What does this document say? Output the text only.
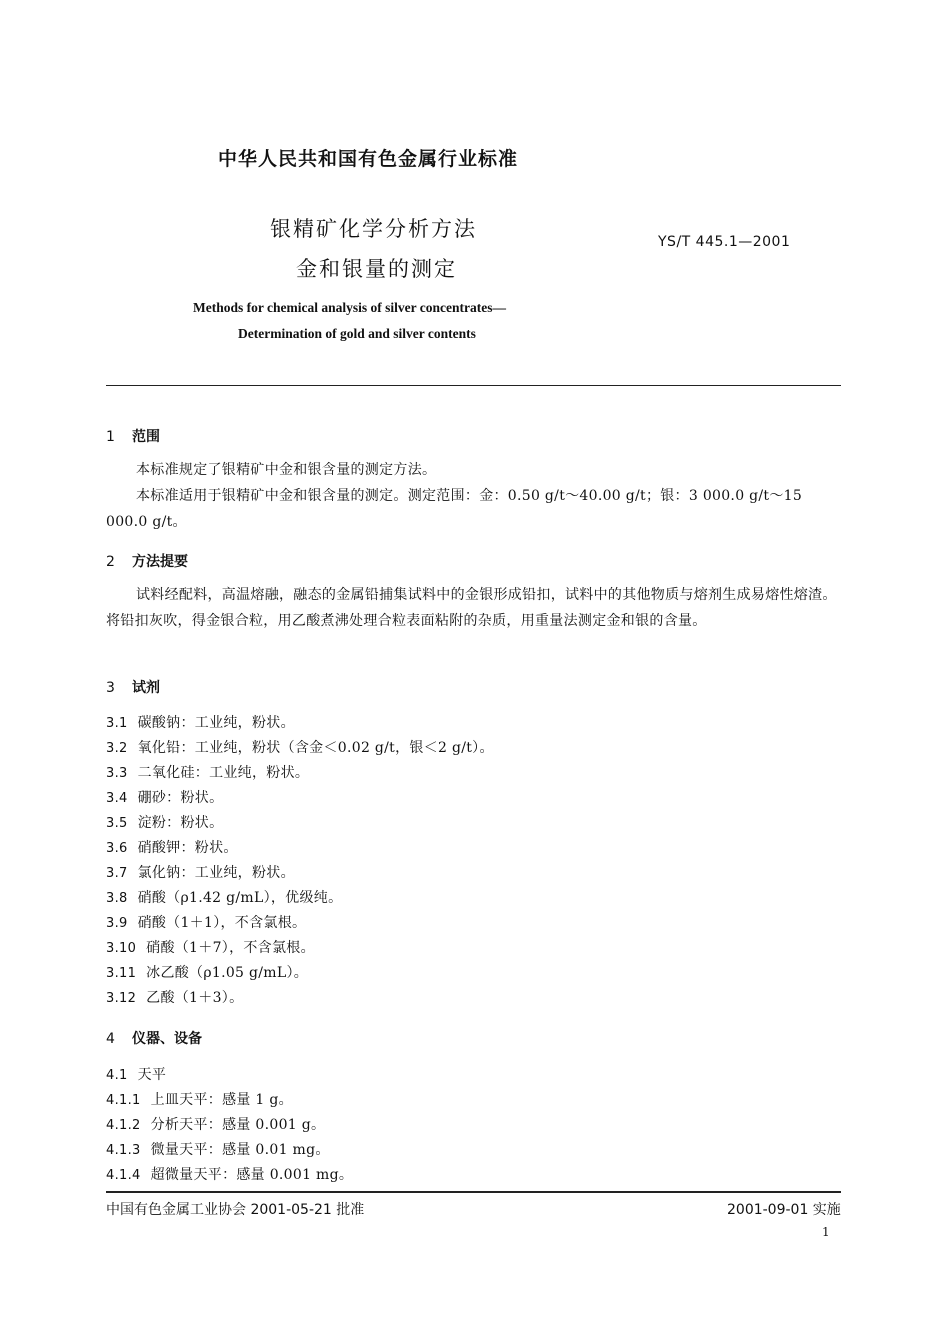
中华人民共和国有色金属行业标准
银精矿化学分析方法
金和银量的测定
YS/T 445.1—2001
Methods for chemical analysis of silver concentrates—
Determination of gold and silver contents
1 范围
本标准规定了银精矿中金和银含量的测定方法。
本标准适用于银精矿中金和银含量的测定。测定范围：金：0.50 g/t～40.00 g/t；银：3 000.0 g/t～15 000.0 g/t。
2 方法提要
试料经配料，高温熔融，融态的金属铅捕集试料中的金银形成铅扣，试料中的其他物质与熔剂生成易熔性熔渣。将铅扣灰吹，得金银合粒，用乙酸煮沸处理合粒表面粘附的杂质，用重量法测定金和银的含量。
3 试剂
3.1 碳酸钠：工业纯，粉状。
3.2 氧化铅：工业纯，粉状（含金＜0.02 g/t，银＜2 g/t）。
3.3 二氧化硅：工业纯，粉状。
3.4 硼砂：粉状。
3.5 淀粉：粉状。
3.6 硝酸钾：粉状。
3.7 氯化钠：工业纯，粉状。
3.8 硝酸（ρ1.42 g/mL），优级纯。
3.9 硝酸（1＋1），不含氯根。
3.10 硝酸（1＋7），不含氯根。
3.11 冰乙酸（ρ1.05 g/mL）。
3.12 乙酸（1＋3）。
4 仪器、设备
4.1 天平
4.1.1 上皿天平：感量 1 g。
4.1.2 分析天平：感量 0.001 g。
4.1.3 微量天平：感量 0.01 mg。
4.1.4 超微量天平：感量 0.001 mg。
中国有色金属工业协会 2001-05-21 批准	2001-09-01 实施
1
